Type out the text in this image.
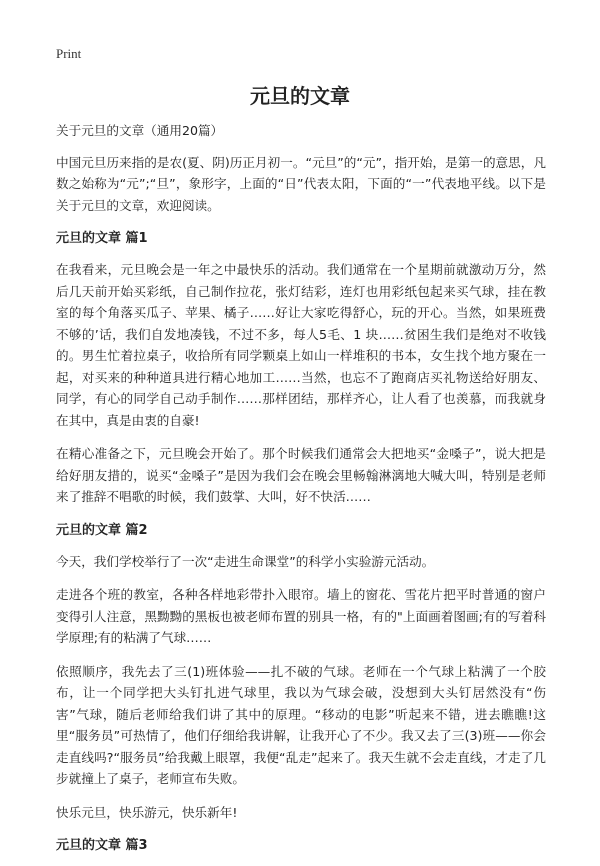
Print
元旦的文章

关于元旦的文章（通用20篇）

中国元旦历来指的是农(夏、阴)历正月初一。“元旦”的“元”，指开始，是第一的意思，凡数之始称为“元”;“旦”，象形字，上面的“日”代表太阳，下面的“一”代表地平线。以下是关于元旦的文章，欢迎阅读。

元旦的文章 篇1

在我看来，元旦晚会是一年之中最快乐的活动。我们通常在一个星期前就激动万分，然后几天前开始买彩纸，自己制作拉花，张灯结彩，连灯也用彩纸包起来买气球，挂在教室的每个角落买瓜子、苹果、橘子……好让大家吃得舒心，玩的开心。当然，如果班费不够的’话，我们自发地凑钱，不过不多，每人5毛、1 块……贫困生我们是绝对不收钱的。男生忙着拉桌子，收拾所有同学颗桌上如山一样堆积的书本，女生找个地方聚在一起，对买来的种种道具进行精心地加工……当然，也忘不了跑商店买礼物送给好朋友、同学，有心的同学自己动手制作……那样团结，那样齐心，让人看了也羡慕，而我就身在其中，真是由衷的自豪!

在精心准备之下，元旦晚会开始了。那个时候我们通常会大把地买“金嗓子”，说大把是给好朋友措的，说买“金嗓子”是因为我们会在晚会里畅翰淋漓地大喊大叫，特别是老师来了推辞不唱歌的时候，我们鼓掌、大叫，好不快活……

元旦的文章 篇2

今天，我们学校举行了一次“走进生命课堂”的科学小实验游元活动。

走进各个班的教室，各种各样地彩带扑入眼帘。墙上的窗花、雪花片把平时普通的窗户变得引人注意，黑黝黝的黑板也被老师布置的别具一格，有的"上面画着图画;有的写着科学原理;有的粘满了气球……

依照顺序，我先去了三(1)班体验——扎不破的气球。老师在一个气球上粘满了一个胶布，让一个同学把大头钉扎进气球里，我以为气球会破，没想到大头钉居然没有“伤害”气球，随后老师给我们讲了其中的原理。“移动的电影”听起来不错，进去瞧瞧!这里“服务员”可热情了，他们仔细给我讲解，让我开心了不少。我又去了三(3)班——你会走直线吗?“服务员”给我戴上眼罩，我便“乱走”起来了。我天生就不会走直线，才走了几步就撞上了桌子，老师宣布失败。

快乐元旦，快乐游元，快乐新年!

元旦的文章 篇3
